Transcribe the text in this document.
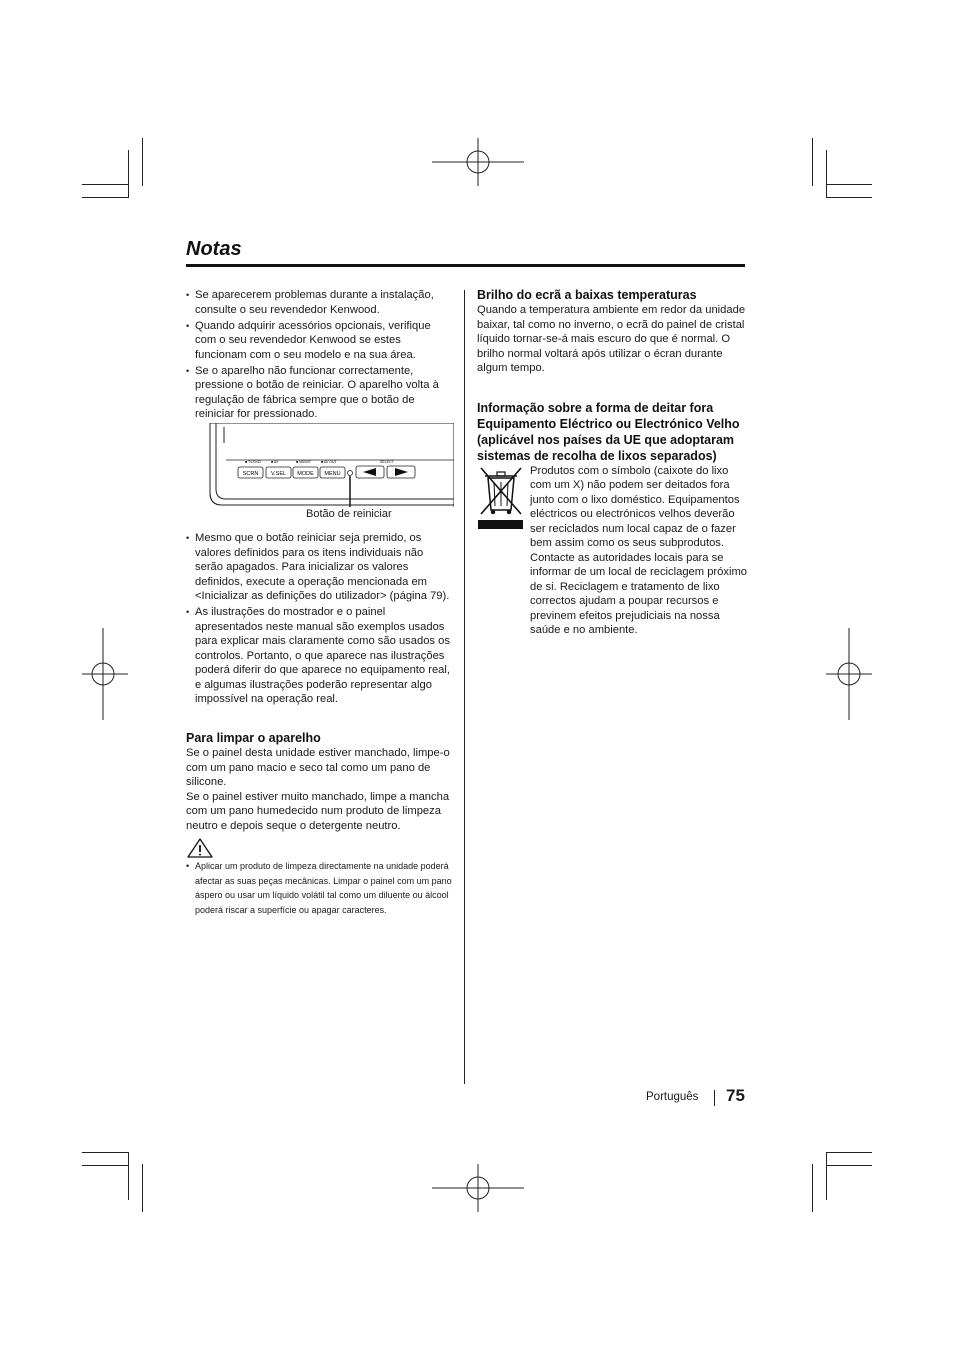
Notas
• Se aparecerem problemas durante a instalação, consulte o seu revendedor Kenwood.
• Quando adquirir acessórios opcionais, verifique com o seu revendedor Kenwood se estes funcionam com o seu modelo e na sua área.
• Se o aparelho não funcionar correctamente, pressione o botão de reiniciar. O aparelho volta à regulação de fábrica sempre que o botão de reiniciar for pressionado.
■ TV/DVD	■ AV	■ ND/INT	■ AV OUT	SELECT
SCRN V.SEL MODE MENU
Botão de reiniciar
• Mesmo que o botão reiniciar seja premido, os valores definidos para os itens individuais não serão apagados. Para inicializar os valores definidos, execute a operação mencionada em <Inicializar as definições do utilizador> (página 79).
• As ilustrações do mostrador e o painel apresentados neste manual são exemplos usados para explicar mais claramente como são usados os controlos. Portanto, o que aparece nas ilustrações poderá diferir do que aparece no equipamento real, e algumas ilustrações poderão representar algo impossível na operação real.
Para limpar o aparelho

Se o painel desta unidade estiver manchado, limpe-o com um pano macio e seco tal como um pano de silicone.

Se o painel estiver muito manchado, limpe a mancha com um pano humedecido num produto de limpeza neutro e depois seque o detergente neutro.

• Aplicar um produto de limpeza directamente na unidade poderá afectar as suas peças mecânicas. Limpar o painel com um pano áspero ou usar um líquido volátil tal como um diluente ou álcool poderá riscar a superfície ou apagar caracteres.
Brilho do ecrã a baixas temperaturas

Quando a temperatura ambiente em redor da unidade baixar, tal como no inverno, o ecrã do painel de cristal líquido tornar-se-á mais escuro do que é normal. O brilho normal voltará após utilizar o écran durante algum tempo.

Informação sobre a forma de deitar fora Equipamento Eléctrico ou Electrónico Velho (aplicável nos países da UE que adoptaram sistemas de recolha de lixos separados)

Produtos com o símbolo (caixote do lixo com um X) não podem ser deitados fora junto com o lixo doméstico. Equipamentos eléctricos ou electrónicos velhos deverão ser reciclados num local capaz de o fazer bem assim como os seus subprodutos. Contacte as autoridades locais para se informar de um local de reciclagem próximo de si. Reciclagem e tratamento de lixo correctos ajudam a poupar recursos e previnem efeitos prejudiciais na nossa saúde e no ambiente.

Português 75
